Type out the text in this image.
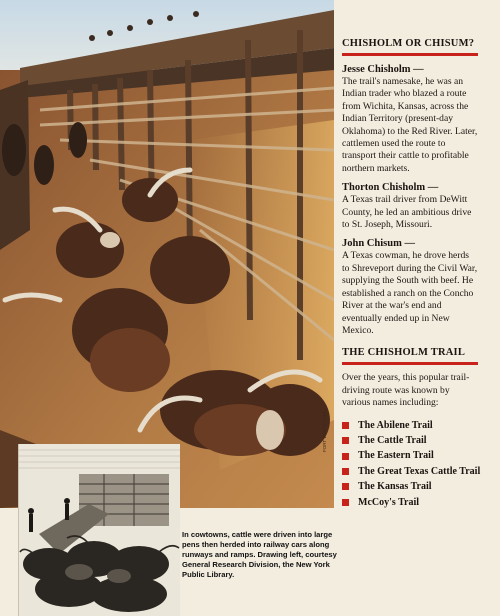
CHISHOLM OR CHISUM?
Jesse Chisholm —
The trail's namesake, he was an Indian trader who blazed a route from Wichita, Kansas, across the Indian Territory (present-day Oklahoma) to the Red River. Later, cattlemen used the route to transport their cattle to profitable northern markets.
Thorton Chisholm —
A Texas trail driver from DeWitt County, he led an ambitious drive to St. Joseph, Missouri.
John Chisum —
A Texas cowman, he drove herds to Shreveport during the Civil War, supplying the South with beef. He established a ranch on the Concho River at the war's end and eventually ended up in New Mexico.
THE CHISHOLM TRAIL

Over the years, this popular trail-driving route was known by various names including:

The Abilene Trail
The Cattle Trail
The Eastern Trail
The Great Texas Cattle Trail
The Kansas Trail
McCoy's Trail
FORT WORTH CVB

In cowtowns, cattle were driven into large pens then herded into railway cars along runways and ramps. Drawing left, courtesy General Research Division, the New York Public Library.
